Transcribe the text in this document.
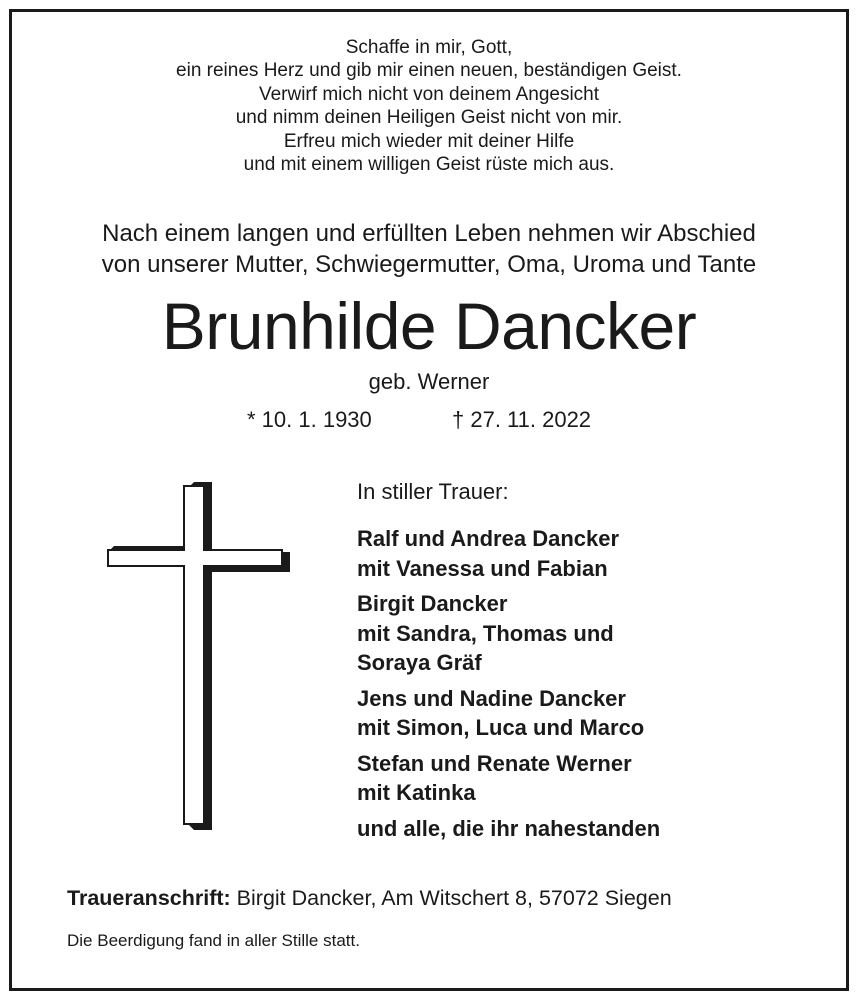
Schaffe in mir, Gott,
ein reines Herz und gib mir einen neuen, beständigen Geist.
Verwirf mich nicht von deinem Angesicht
und nimm deinen Heiligen Geist nicht von mir.
Erfreu mich wieder mit deiner Hilfe
und mit einem willigen Geist rüste mich aus.
Nach einem langen und erfüllten Leben nehmen wir Abschied
von unserer Mutter, Schwiegermutter, Oma, Uroma und Tante
Brunhilde Dancker
geb. Werner
* 10. 1. 1930	† 27. 11. 2022
In stiller Trauer:
Ralf und Andrea Dancker
mit Vanessa und Fabian
Birgit Dancker
mit Sandra, Thomas und
Soraya Gräf
Jens und Nadine Dancker
mit Simon, Luca und Marco
Stefan und Renate Werner
mit Katinka
und alle, die ihr nahestanden
Traueranschrift: Birgit Dancker, Am Witschert 8, 57072 Siegen
Die Beerdigung fand in aller Stille statt.
